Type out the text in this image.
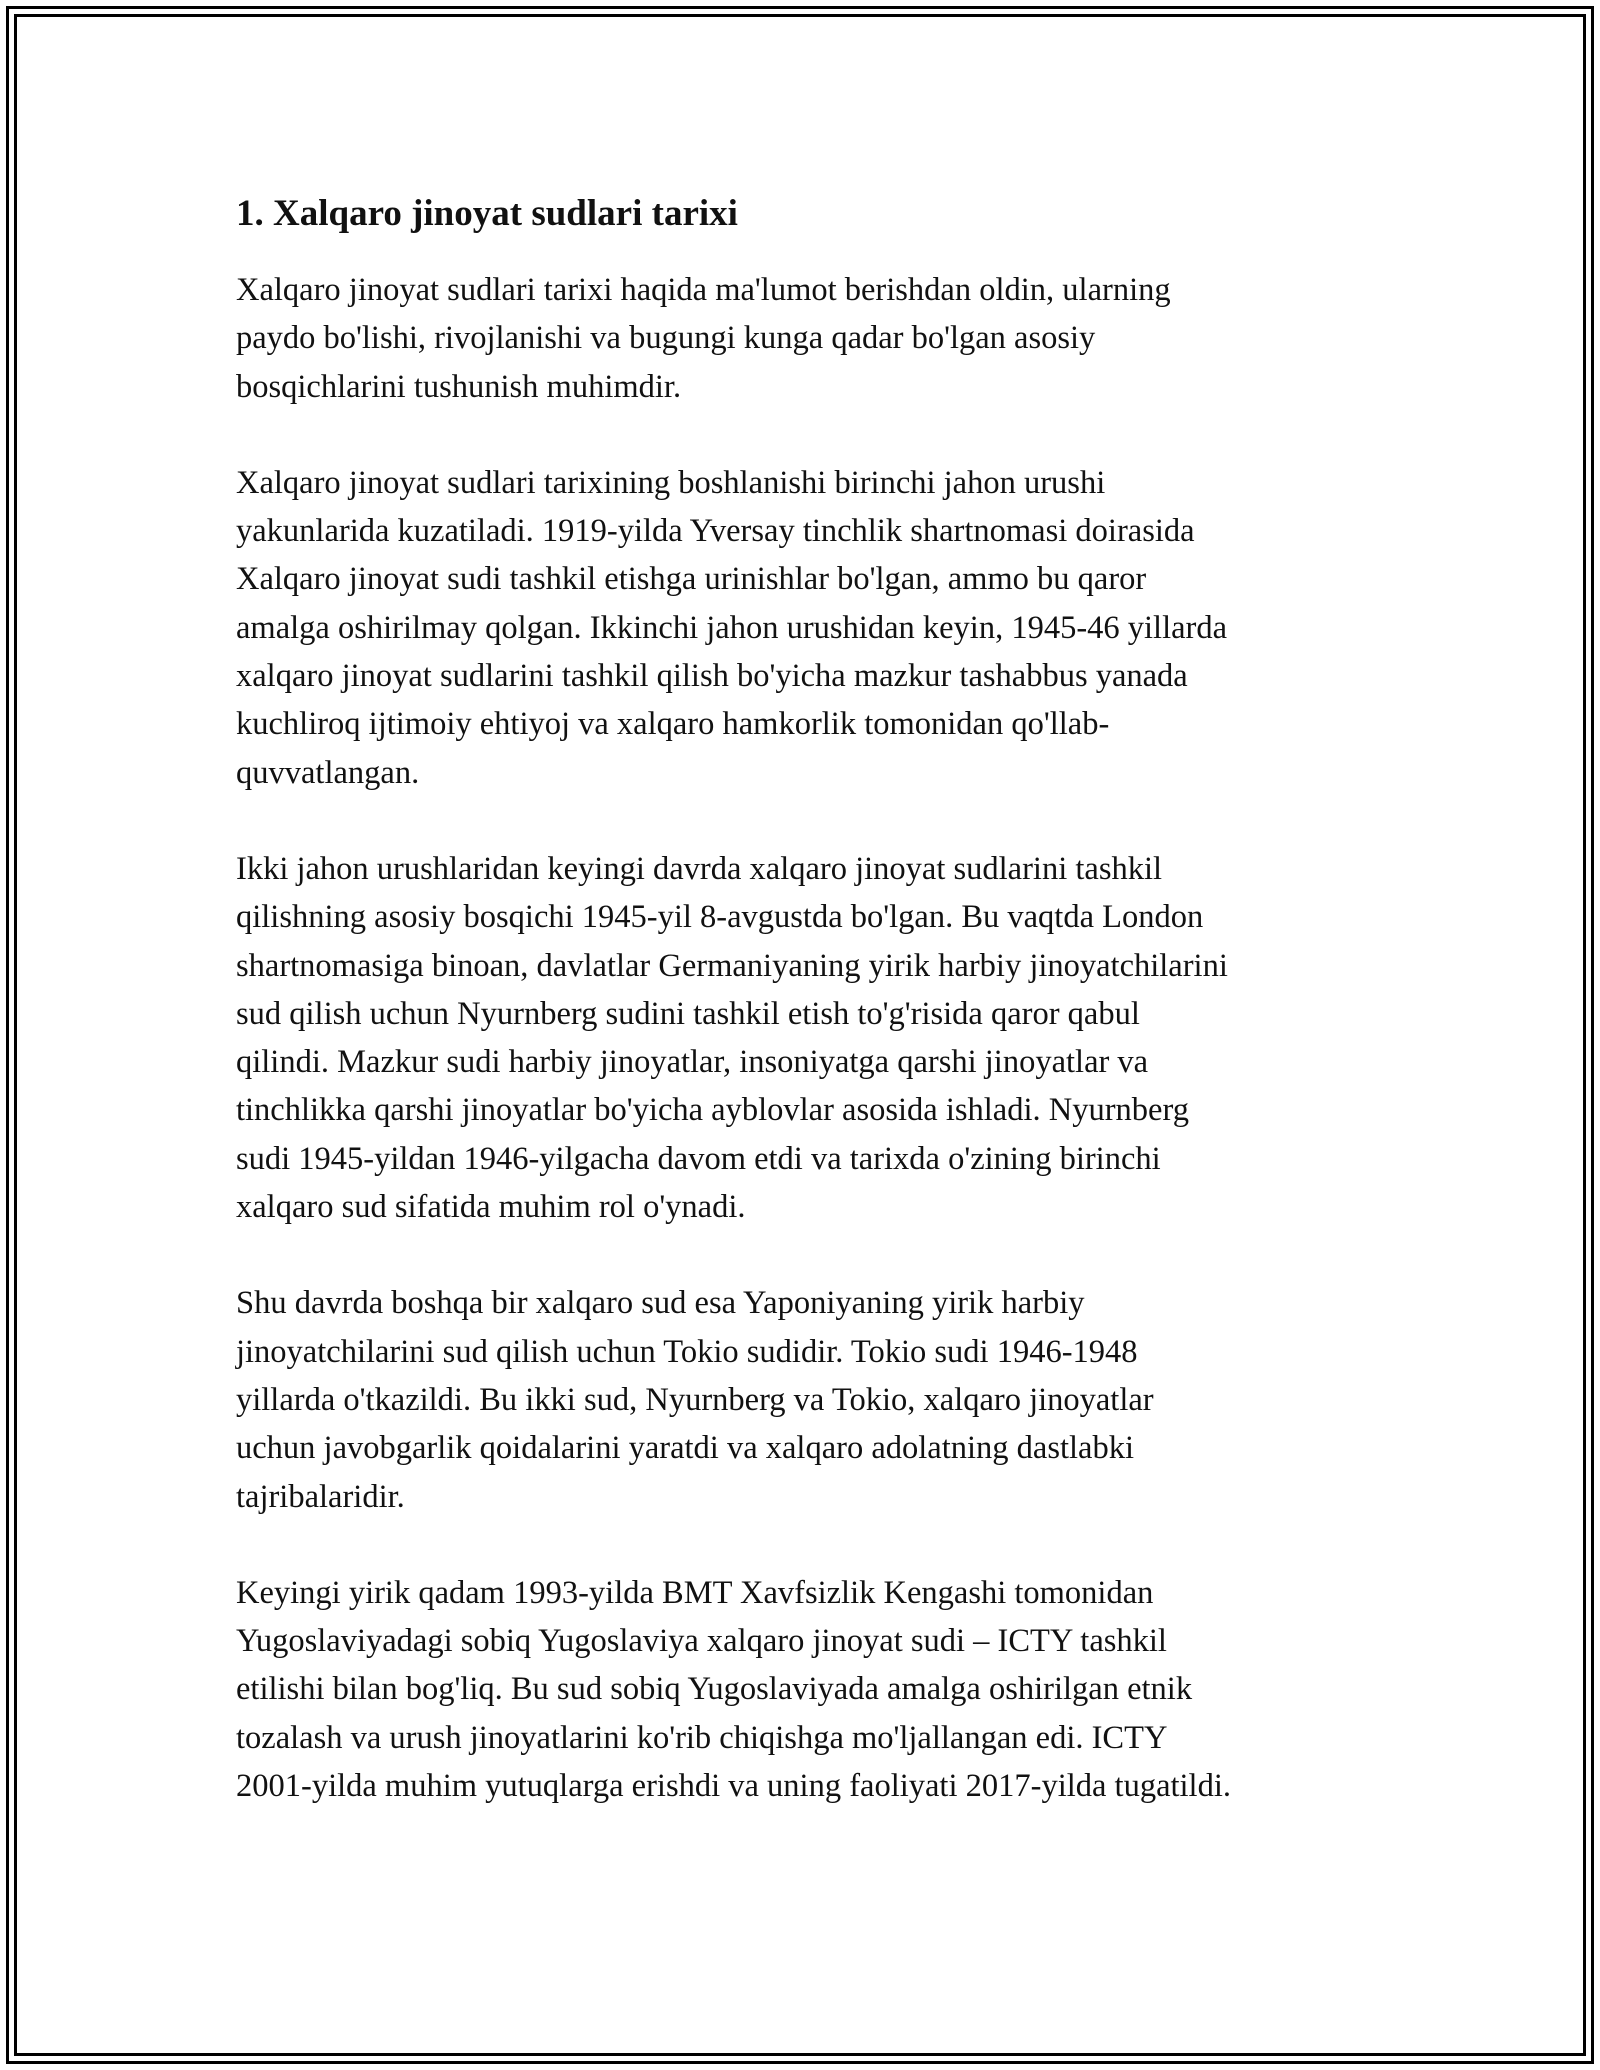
1. Xalqaro jinoyat sudlari tarixi

Xalqaro jinoyat sudlari tarixi haqida ma'lumot berishdan oldin, ularning
paydo bo'lishi, rivojlanishi va bugungi kunga qadar bo'lgan asosiy
bosqichlarini tushunish muhimdir.

Xalqaro jinoyat sudlari tarixining boshlanishi birinchi jahon urushi
yakunlarida kuzatiladi. 1919-yilda Yversay tinchlik shartnomasi doirasida
Xalqaro jinoyat sudi tashkil etishga urinishlar bo'lgan, ammo bu qaror
amalga oshirilmay qolgan. Ikkinchi jahon urushidan keyin, 1945-46 yillarda
xalqaro jinoyat sudlarini tashkil qilish bo'yicha mazkur tashabbus yanada
kuchliroq ijtimoiy ehtiyoj va xalqaro hamkorlik tomonidan qo'llab-
quvvatlangan.

Ikki jahon urushlaridan keyingi davrda xalqaro jinoyat sudlarini tashkil
qilishning asosiy bosqichi 1945-yil 8-avgustda bo'lgan. Bu vaqtda London
shartnomasiga binoan, davlatlar Germaniyaning yirik harbiy jinoyatchilarini
sud qilish uchun Nyurnberg sudini tashkil etish to'g'risida qaror qabul
qilindi. Mazkur sudi harbiy jinoyatlar, insoniyatga qarshi jinoyatlar va
tinchlikka qarshi jinoyatlar bo'yicha ayblovlar asosida ishladi. Nyurnberg
sudi 1945-yildan 1946-yilgacha davom etdi va tarixda o'zining birinchi
xalqaro sud sifatida muhim rol o'ynadi.

Shu davrda boshqa bir xalqaro sud esa Yaponiyaning yirik harbiy
jinoyatchilarini sud qilish uchun Tokio sudidir. Tokio sudi 1946-1948
yillarda o'tkazildi. Bu ikki sud, Nyurnberg va Tokio, xalqaro jinoyatlar
uchun javobgarlik qoidalarini yaratdi va xalqaro adolatning dastlabki
tajribalaridir.

Keyingi yirik qadam 1993-yilda BMT Xavfsizlik Kengashi tomonidan
Yugoslaviyadagi sobiq Yugoslaviya xalqaro jinoyat sudi – ICTY tashkil
etilishi bilan bog'liq. Bu sud sobiq Yugoslaviyada amalga oshirilgan etnik
tozalash va urush jinoyatlarini ko'rib chiqishga mo'ljallangan edi. ICTY
2001-yilda muhim yutuqlarga erishdi va uning faoliyati 2017-yilda tugatildi.
